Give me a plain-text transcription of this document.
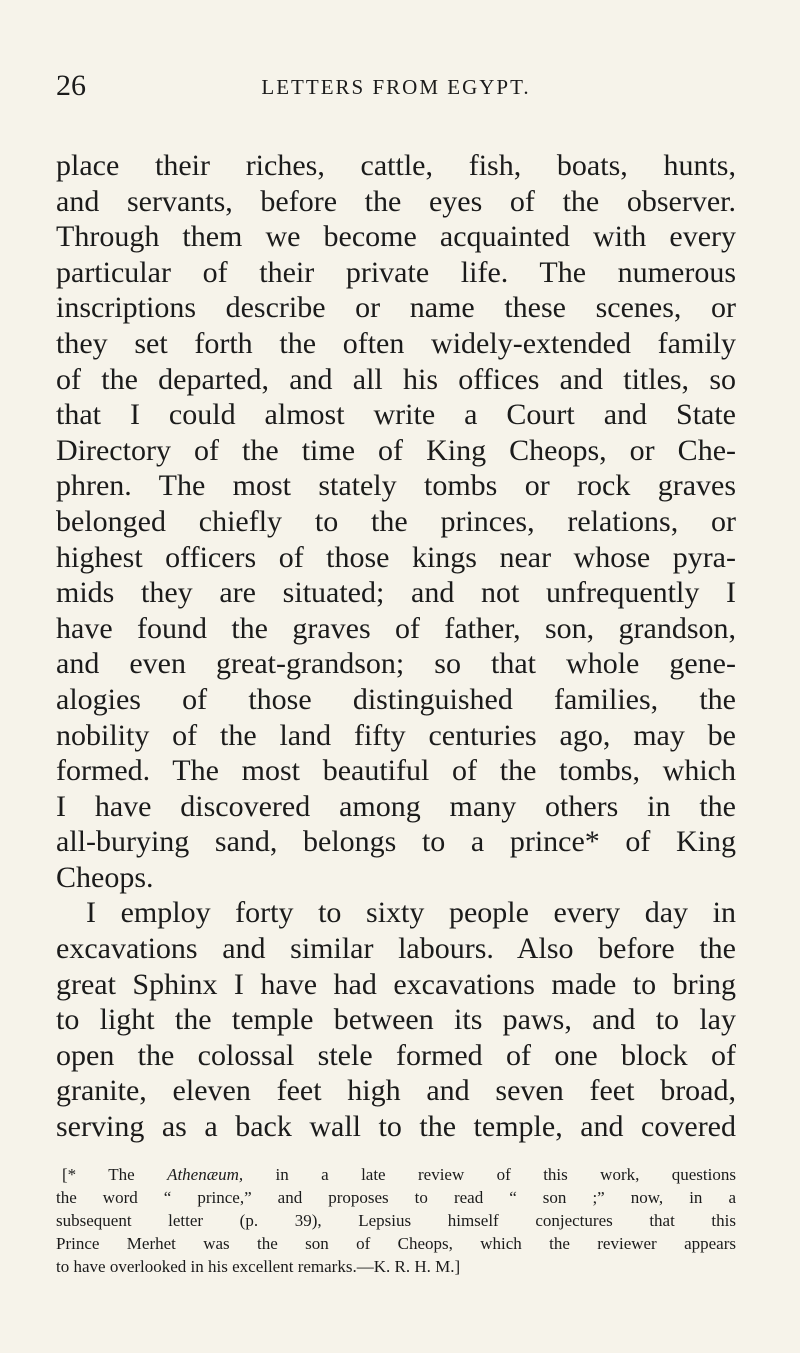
26	LETTERS FROM EGYPT.
place their riches, cattle, fish, boats, hunts,
and servants, before the eyes of the observer.
Through them we become acquainted with every
particular of their private life. The numerous
inscriptions describe or name these scenes, or
they set forth the often widely-extended family
of the departed, and all his offices and titles, so
that I could almost write a Court and State
Directory of the time of King Cheops, or Che-
phren. The most stately tombs or rock graves
belonged chiefly to the princes, relations, or
highest officers of those kings near whose pyra-
mids they are situated; and not unfrequently I
have found the graves of father, son, grandson,
and even great-grandson; so that whole gene-
alogies of those distinguished families, the
nobility of the land fifty centuries ago, may be
formed. The most beautiful of the tombs, which
I have discovered among many others in the
all-burying sand, belongs to a prince* of King
Cheops.
I employ forty to sixty people every day in
excavations and similar labours. Also before the
great Sphinx I have had excavations made to bring
to light the temple between its paws, and to lay
open the colossal stele formed of one block of
granite, eleven feet high and seven feet broad,
serving as a back wall to the temple, and covered
[* The Athenæum, in a late review of this work, questions
the word “ prince,” and proposes to read “ son ;” now, in a
subsequent letter (p. 39), Lepsius himself conjectures that this
Prince Merhet was the son of Cheops, which the reviewer appears
to have overlooked in his excellent remarks.—K. R. H. M.]
